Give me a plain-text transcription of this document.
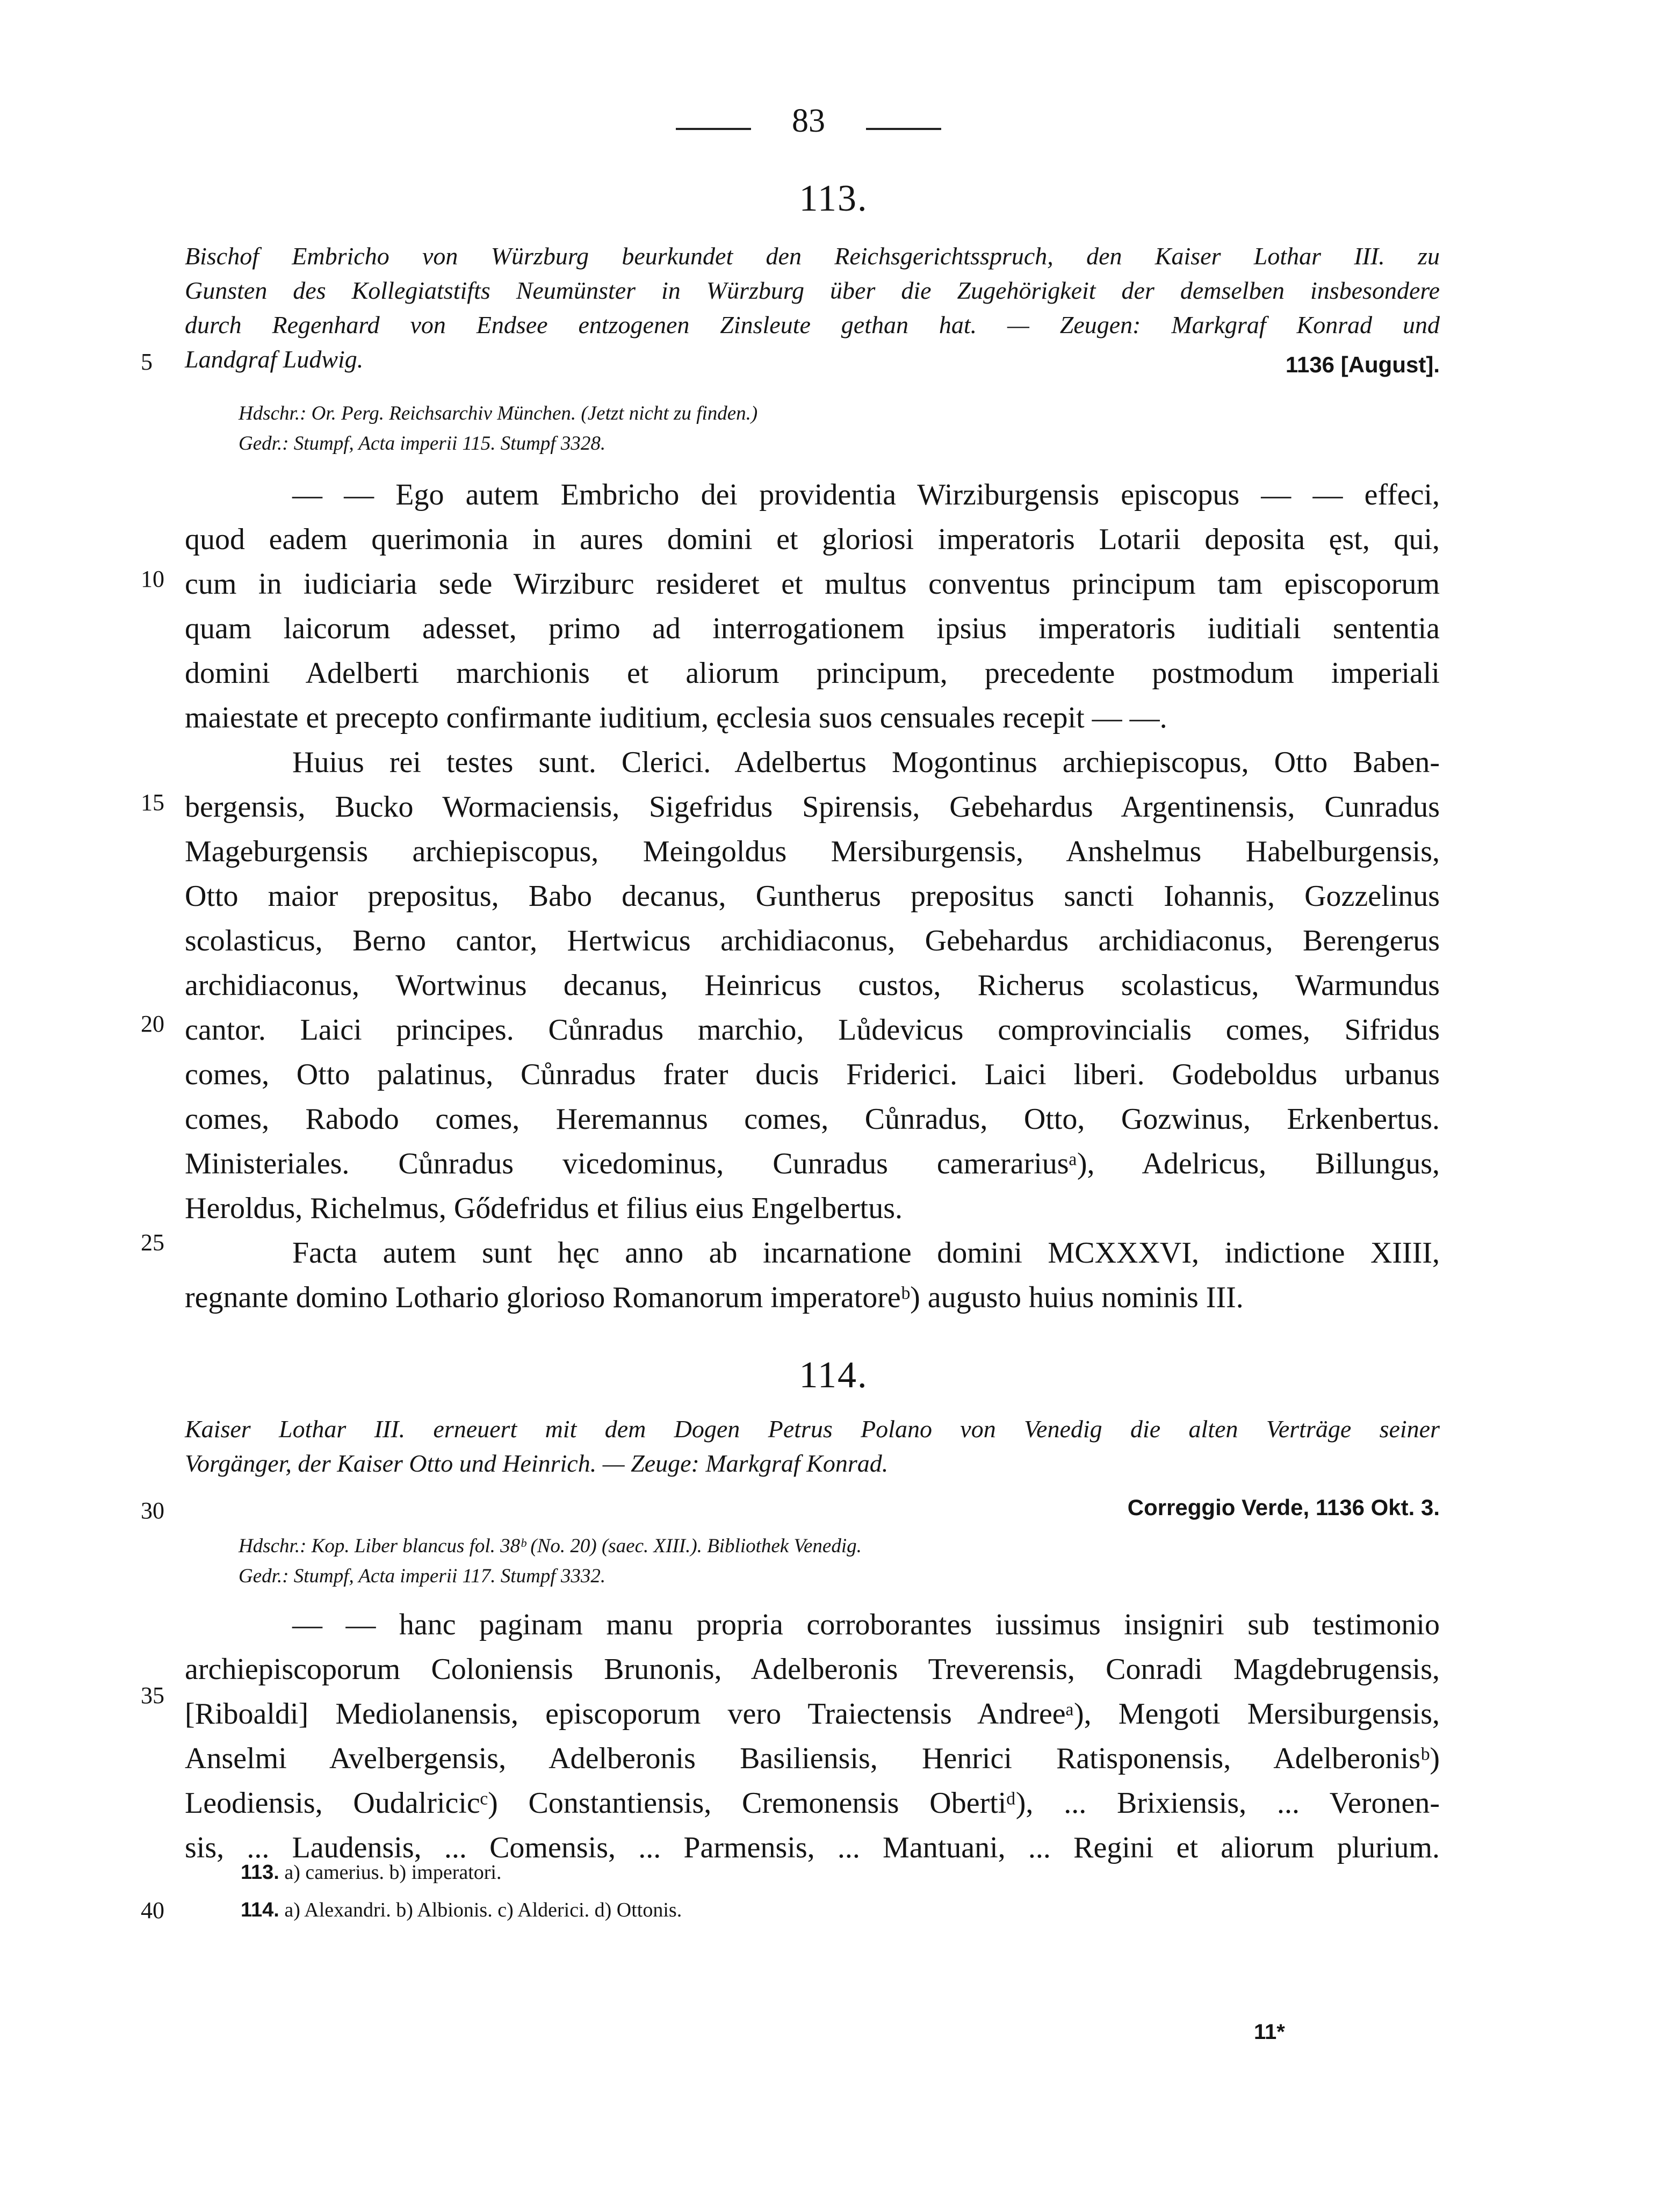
83
5
10
15
20
25
30
35
40
113.
Bischof Embricho von Würzburg beurkundet den Reichsgerichtsspruch, den Kaiser Lothar III. zu
Gunsten des Kollegiatstifts Neumünster in Würzburg über die Zugehörigkeit der demselben insbesondere
durch Regenhard von Endsee entzogenen Zinsleute gethan hat. — Zeugen: Markgraf Konrad und
Landgraf Ludwig.	1136 [August].
Hdschr.: Or. Perg. Reichsarchiv München. (Jetzt nicht zu finden.)
Gedr.: Stumpf, Acta imperii 115. Stumpf 3328.
— — Ego autem Embricho dei providentia Wirziburgensis episcopus — — effeci,
quod eadem querimonia in aures domini et gloriosi imperatoris Lotarii deposita ęst, qui,
cum in iudiciaria sede Wirziburc resideret et multus conventus principum tam episcoporum
quam laicorum adesset, primo ad interrogationem ipsius imperatoris iuditiali sententia
domini Adelberti marchionis et aliorum principum, precedente postmodum imperiali
maiestate et precepto confirmante iuditium, ęcclesia suos censuales recepit — —.
Huius rei testes sunt. Clerici. Adelbertus Mogontinus archiepiscopus, Otto Baben-
bergensis, Bucko Wormaciensis, Sigefridus Spirensis, Gebehardus Argentinensis, Cunradus
Mageburgensis archiepiscopus, Meingoldus Mersiburgensis, Anshelmus Habelburgensis,
Otto maior prepositus, Babo decanus, Guntherus prepositus sancti Iohannis, Gozzelinus
scolasticus, Berno cantor, Hertwicus archidiaconus, Gebehardus archidiaconus, Berengerus
archidiaconus, Wortwinus decanus, Heinricus custos, Richerus scolasticus, Warmundus
cantor. Laici principes. Cůnradus marchio, Lůdevicus comprovincialis comes, Sifridus
comes, Otto palatinus, Cůnradus frater ducis Friderici. Laici liberi. Godeboldus urbanus
comes, Rabodo comes, Heremannus comes, Cůnradus, Otto, Gozwinus, Erkenbertus.
Ministeriales. Cůnradus vicedominus, Cunradus camerariusᵃ), Adelricus, Billungus,
Heroldus, Richelmus, Gődefridus et filius eius Engelbertus.
Facta autem sunt hęc anno ab incarnatione domini MCXXXVI, indictione XIIII,
regnante domino Lothario glorioso Romanorum imperatoreᵇ) augusto huius nominis III.
114.
Kaiser Lothar III. erneuert mit dem Dogen Petrus Polano von Venedig die alten Verträge seiner
Vorgänger, der Kaiser Otto und Heinrich. — Zeuge: Markgraf Konrad.
Correggio Verde, 1136 Okt. 3.
Hdschr.: Kop. Liber blancus fol. 38ᵇ (No. 20) (saec. XIII.). Bibliothek Venedig.
Gedr.: Stumpf, Acta imperii 117. Stumpf 3332.
— — hanc paginam manu propria corroborantes iussimus insigniri sub testimonio
archiepiscoporum Coloniensis Brunonis, Adelberonis Treverensis, Conradi Magdebrugensis,
[Riboaldi] Mediolanensis, episcoporum vero Traiectensis Andreeᵃ), Mengoti Mersiburgensis,
Anselmi Avelbergensis, Adelberonis Basiliensis, Henrici Ratisponensis, Adelberonisᵇ)
Leodiensis, Oudalricicᶜ) Constantiensis, Cremonensis Obertiᵈ), ... Brixiensis, ... Veronen-
sis, ... Laudensis, ... Comensis, ... Parmensis, ... Mantuani, ... Regini et aliorum plurium.
113. a) camerius. b) imperatori.
114. a) Alexandri. b) Albionis. c) Alderici. d) Ottonis.
11*
